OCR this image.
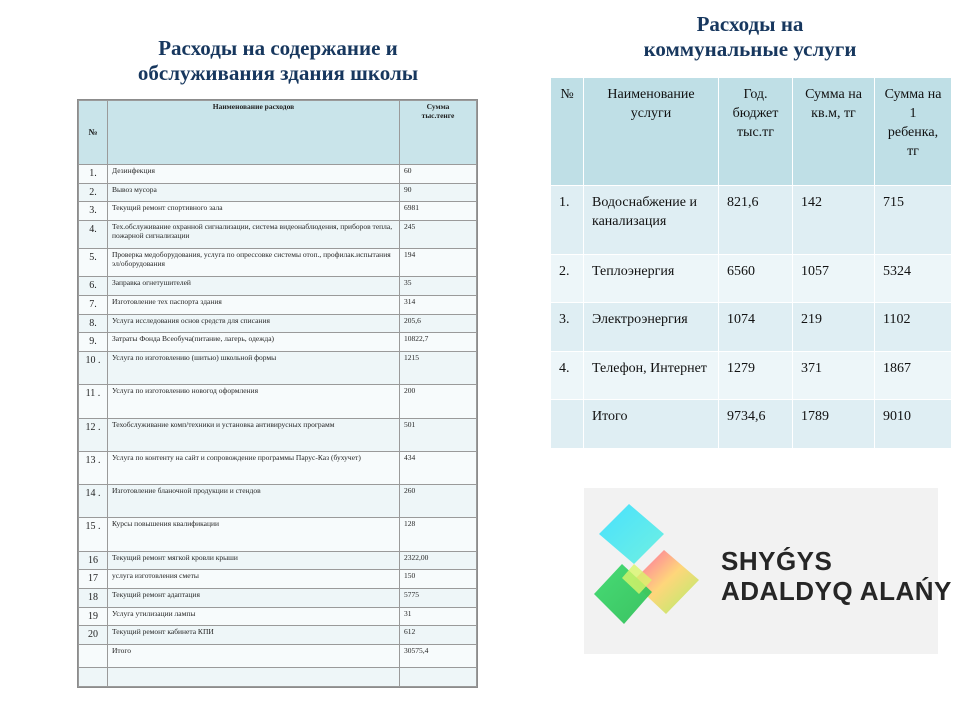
Расходы на содержание и
обслуживания здания школы
Расходы на
коммунальные услуги
№	Наименование расходов	Сумма
тыс.тенге

1.	Дезинфекция	60
2.	Вывоз мусора	90
3.	Текущий ремонт спортивного зала	6981
4.	Тех.обслуживание охранной сигнализации, система видеонаблюдения, приборов тепла, пожарной сигнализации	245
5.	Проверка медоборудования, услуга по опрессовке системы отоп., профилак.испытания эл/оборудования	194
6.	Заправка огнетушителей	35
7.	Изготовление тех паспорта здания	314
8.	Услуга исследования основ средств для списания	205,6
9.	Затраты Фонда Всеобуча(питание, лагерь, одежда)	10822,7
10 .	Услуга по изготовлению (шитью) школьной формы	1215
11 .	Услуга по изготовлению новогод оформления	200
12 .	Техобслуживание комп/техники и установка антивирусных программ	501
13 .	Услуга по контенту на сайт и сопровождение программы Парус-Каз (бухучет)	434
14 .	Изготовление бланочной продукции и стендов	260
15 .	Курсы повышения квалификации	128
16	Текущий ремонт мягкой кровли крыши	2322,00
17	услуга изготовления сметы	150
18	Текущий ремонт адаптация	5775
19	Услуга утилизации лампы	31
20	Текущий ремонт кабинета КПИ	612
	Итого	30575,4

№	Наименование услуги	Год. бюджет тыс.тг	Сумма на кв.м, тг	Сумма на 1 ребенка, тг
1.	Водоснабжение и канализация	821,6	142	715
2.	Теплоэнергия	6560	1057	5324
3.	Электроэнергия	1074	219	1102
4.	Телефон, Интернет	1279	371	1867
	Итого	9734,6	1789	9010
SHYǴYS
ADALDYQ ALAŃY
